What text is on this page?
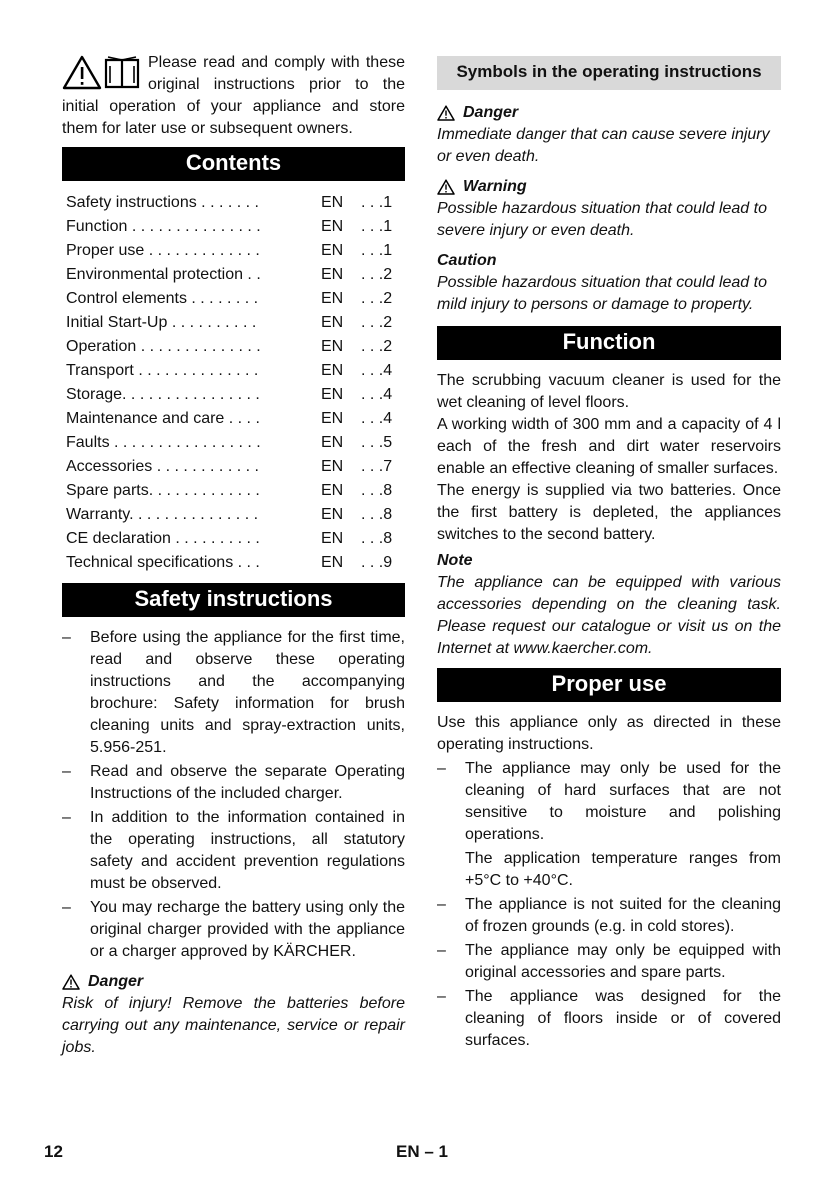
Please read and comply with these original instructions prior to the initial operation of your appliance and store them for later use or subsequent owners.
Contents
Safety instructions . . . . . . .	EN	. . .1
Function . . . . . . . . . . . . . . .	EN	. . .1
Proper use . . . . . . . . . . . . .	EN	. . .1
Environmental protection . .	EN	. . .2
Control elements . . . . . . . .	EN	. . .2
Initial Start-Up . . . . . . . . . .	EN	. . .2
Operation . . . . . . . . . . . . . .	EN	. . .2
Transport . . . . . . . . . . . . . .	EN	. . .4
Storage. . . . . . . . . . . . . . . .	EN	. . .4
Maintenance and care . . . .	EN	. . .4
Faults . . . . . . . . . . . . . . . . .	EN	. . .5
Accessories . . . . . . . . . . . .	EN	. . .7
Spare parts. . . . . . . . . . . . .	EN	. . .8
Warranty. . . . . . . . . . . . . . .	EN	. . .8
CE declaration . . . . . . . . . .	EN	. . .8
Technical specifications . . .	EN	. . .9
Safety instructions
– Before using the appliance for the first time, read and observe these operating instructions and the accompanying brochure: Safety information for brush cleaning units and spray-extraction units, 5.956-251.
– Read and observe the separate Operating Instructions of the included charger.
– In addition to the information contained in the operating instructions, all statutory safety and accident prevention regulations must be observed.
– You may recharge the battery using only the original charger provided with the appliance or a charger approved by KÄRCHER.
Danger

Risk of injury! Remove the batteries before carrying out any maintenance, service or repair jobs.

Symbols in the operating instructions
Danger

Immediate danger that can cause severe injury or even death.

Warning

Possible hazardous situation that could lead to severe injury or even death.

Caution

Possible hazardous situation that could lead to mild injury to persons or damage to property.

Function

The scrubbing vacuum cleaner is used for the wet cleaning of level floors.

A working width of 300 mm and a capacity of 4 l each of the fresh and dirt water reservoirs enable an effective cleaning of smaller surfaces.

The energy is supplied via two batteries. Once the first battery is depleted, the appliances switches to the second battery.

Note

The appliance can be equipped with various accessories depending on the cleaning task. Please request our catalogue or visit us on the Internet at www.kaercher.com.

Proper use

Use this appliance only as directed in these operating instructions.

– The appliance may only be used for the cleaning of hard surfaces that are not sensitive to moisture and polishing operations.
The application temperature ranges from +5°C to +40°C.
– The appliance is not suited for the cleaning of frozen grounds (e.g. in cold stores).
– The appliance may only be equipped with original accessories and spare parts.
– The appliance was designed for the cleaning of floors inside or of covered surfaces.
12	EN – 1
